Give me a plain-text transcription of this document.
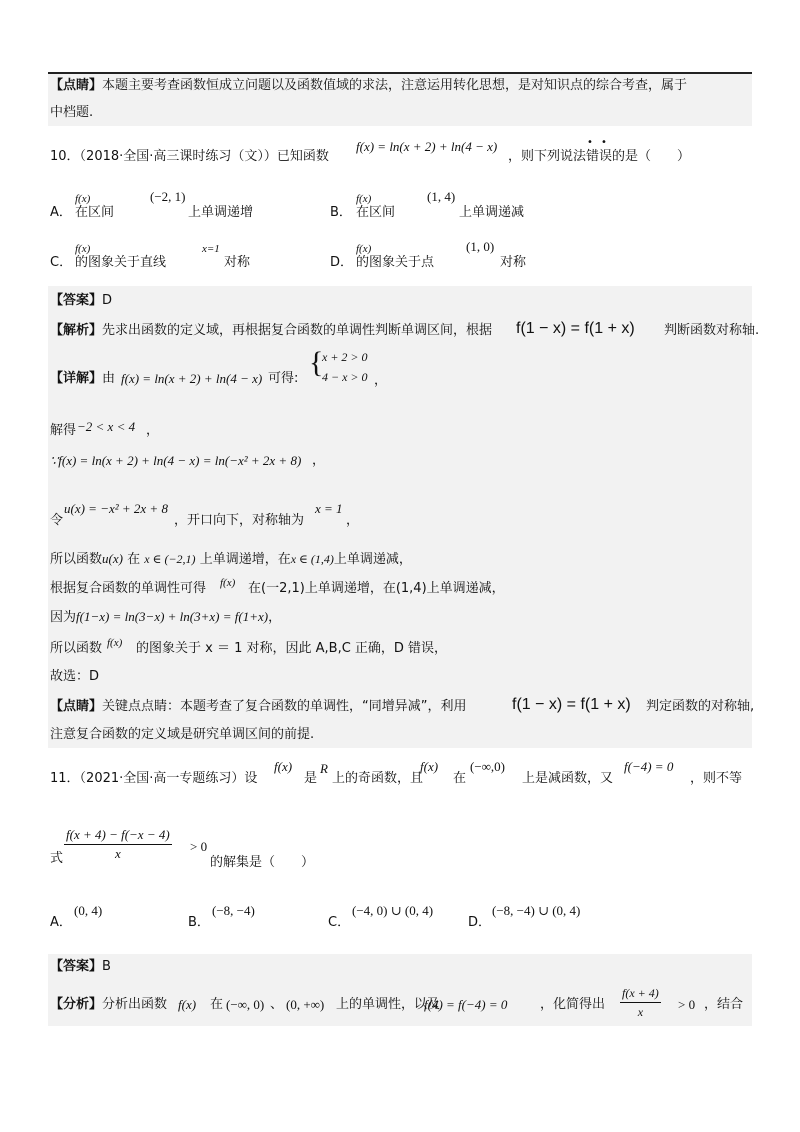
【点睛】本题主要考查函数恒成立问题以及函数值域的求法，注意运用转化思想，是对知识点的综合考查，属于
中档题.
10．（2018·全国·高三课时练习（文））已知函数
f(x) = ln(x + 2) + ln(4 − x)
，则下列说法错误的是（　　）
• •
A．
f(x)
在区间
(−2, 1)
上单调递增	B．
f(x)
在区间
(1, 4)
上单调递减
C．
f(x)
的图象关于直线
x=1
对称	D．
f(x)
的图象关于点
(1, 0)
对称
【答案】D
【解析】先求出函数的定义域，再根据复合函数的单调性判断单调区间，根据 f(1 − x) = f(1 + x) 判断函数对称轴.
【详解】由 f(x) = ln(x + 2) + ln(4 − x) 可得: {
x + 2 > 0
4 − x > 0 ，
解得 −2 < x < 4 ，
∵f(x) = ln(x + 2) + ln(4 − x) = ln(−x² + 2x + 8) ，
令
u(x) = −x² + 2x + 8
，开口向下，对称轴为
x = 1
，
所以函数u(x) 在 x ∈ (−2,1) 上单调递增，在x ∈ (1,4)上单调递减，
根据复合函数的单调性可得 f(x) 在(一2,1)上单调递增，在(1,4)上单调递减，
因为f(1−x) = ln(3−x) + ln(3+x) = f(1+x)，
所以函数 f(x) 的图象关于 x ＝ 1 对称，因此 A,B,C 正确，D 错误，
故选：D
【点睛】关键点点睛：本题考查了复合函数的单调性，“同增异减”，利用	f(1 − x) = f(1 + x) 判定函数的对称轴,
注意复合函数的定义域是研究单调区间的前提.
11．（2021·全国·高一专题练习）设
f(x)
是
R
上的奇函数，且
f(x)
在
(−∞,0)
上是减函数，又
f(−4) = 0
，则不等
式 $\frac{f(x + 4) - f(-x - 4)}{x} > 0$
的解集是（　　）
A．
(0, 4)
B．
(−8, −4)
C．
(−4, 0) ∪ (0, 4)
D．
(−8, −4) ∪ (0, 4)
【答案】B
【分析】分析出函数 f(x) 在 (−∞, 0) 、 (0, +∞) 上的单调性，以及
f(4) = f(−4) = 0	，化简得出 $\frac{f(x + 4)}{x} > 0$ ，结合
